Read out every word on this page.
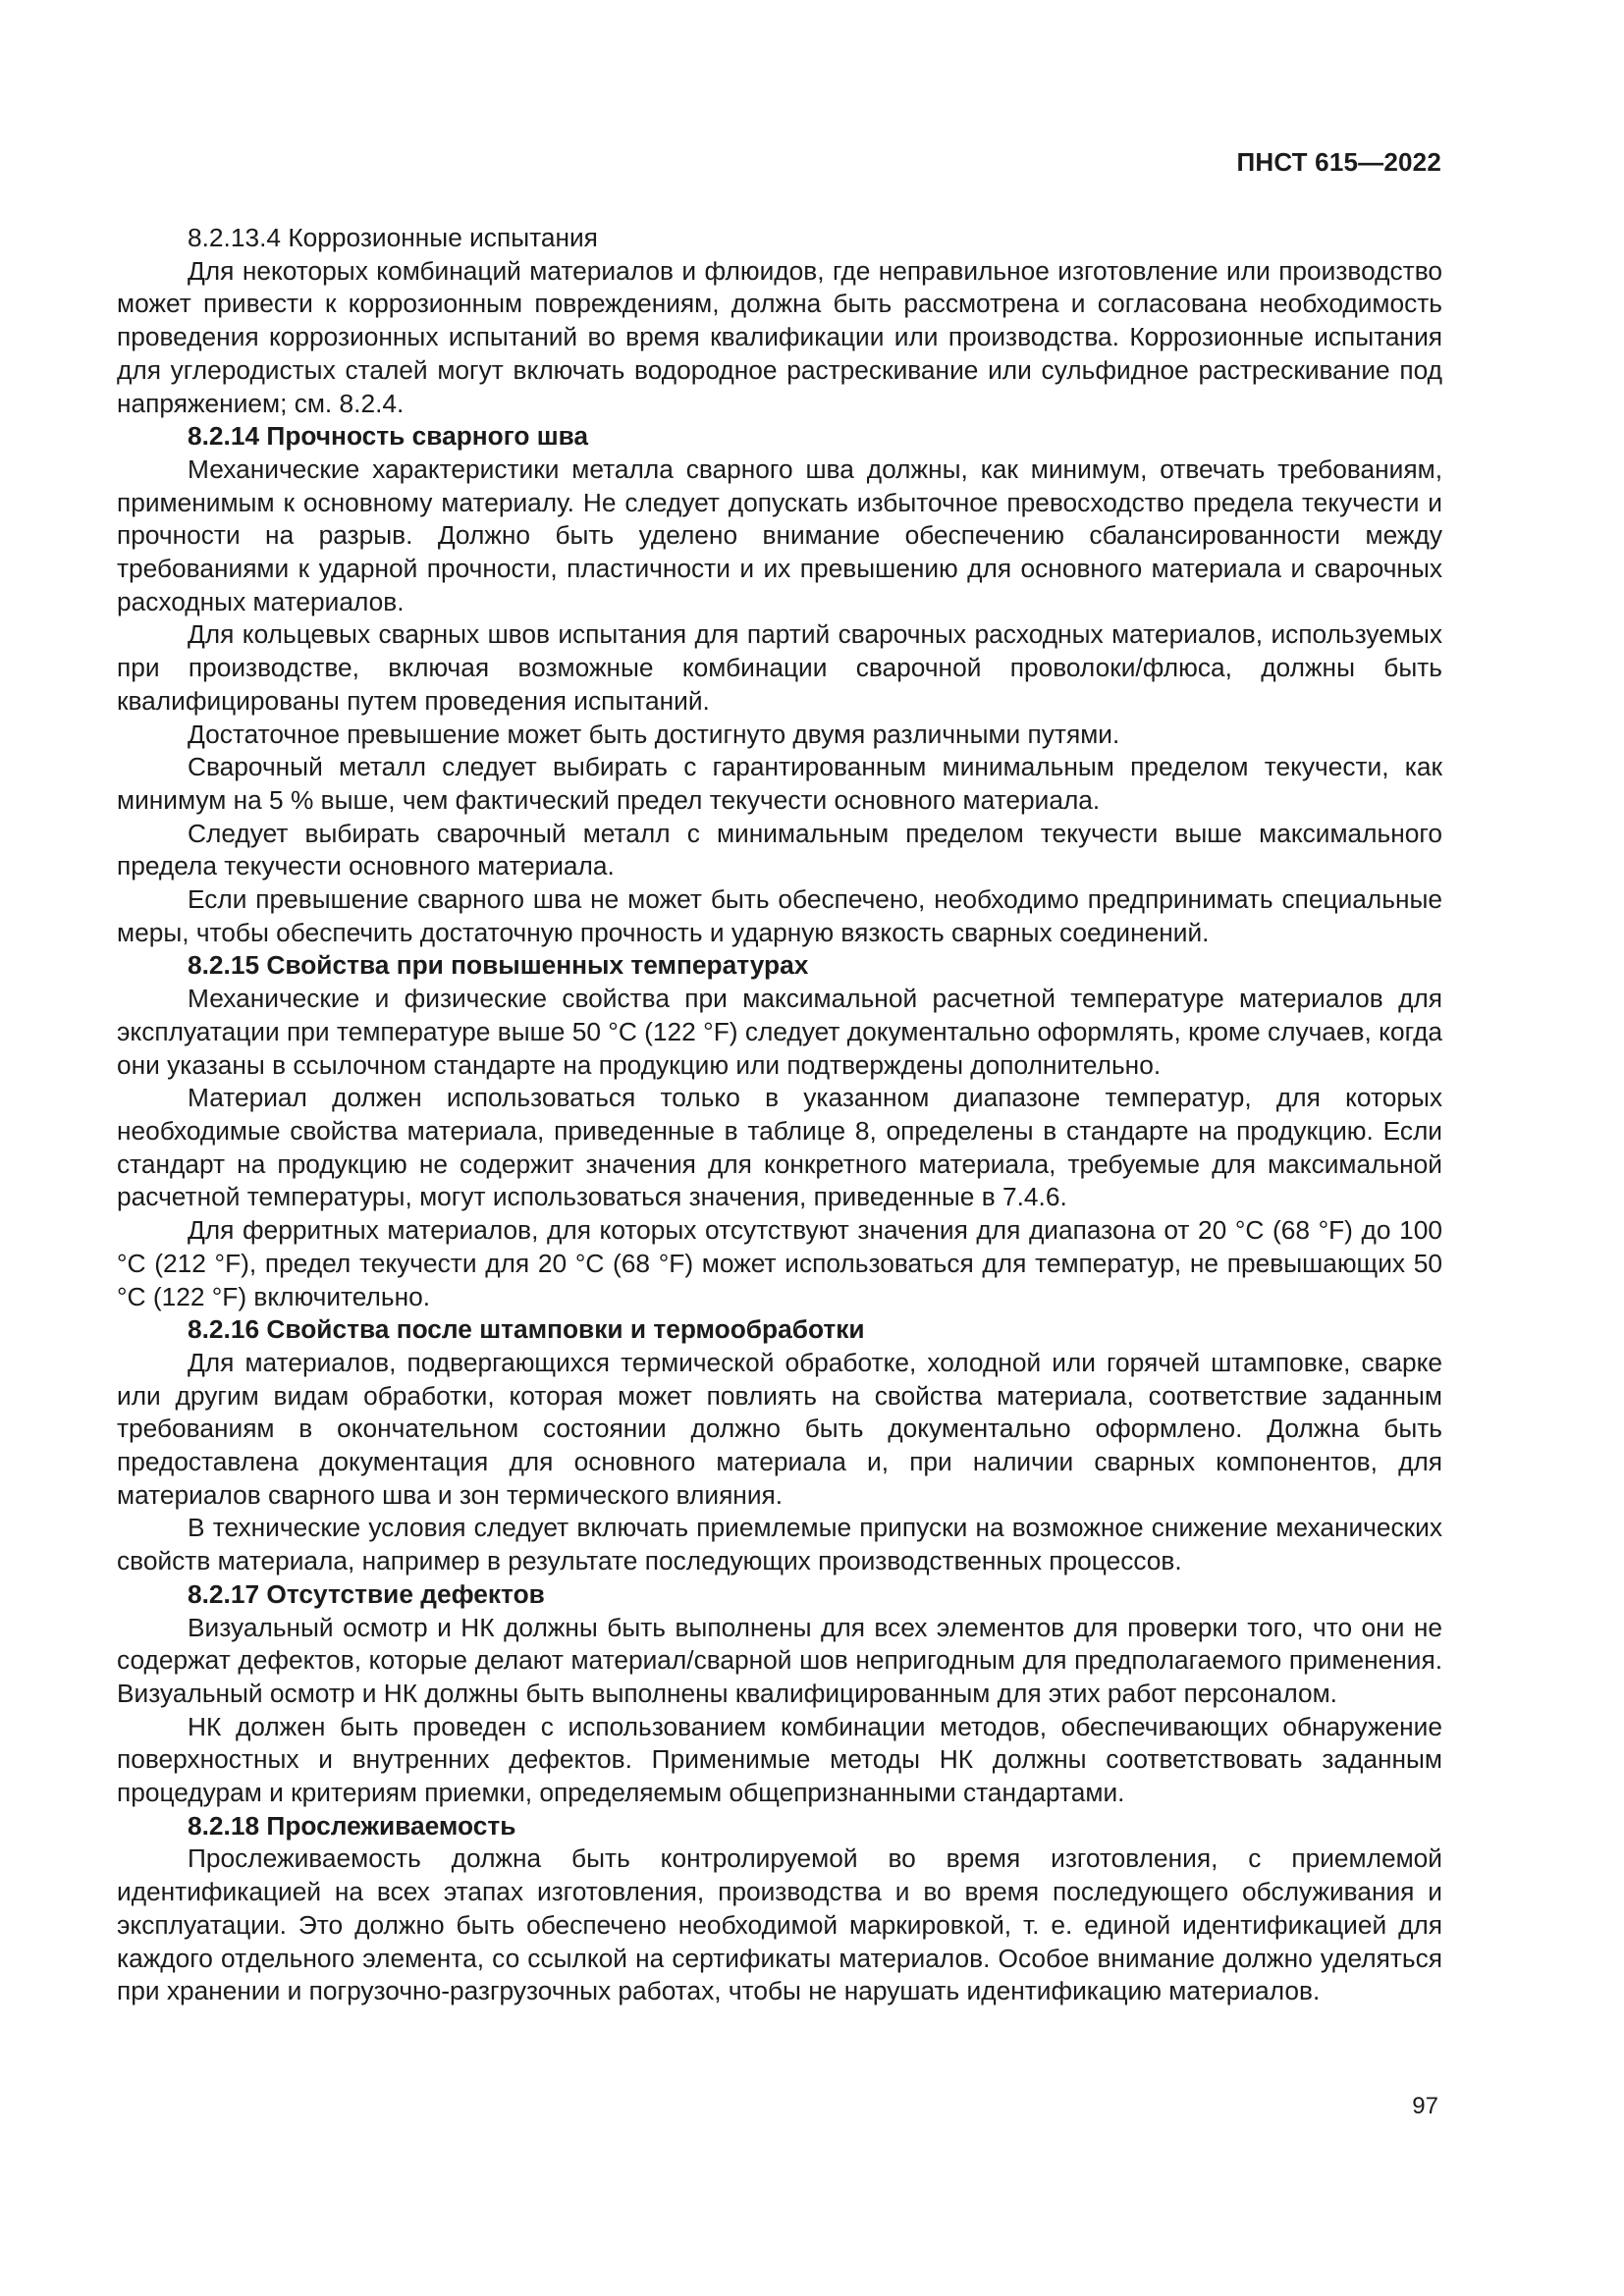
ПНСТ 615—2022

8.2.13.4 Коррозионные испытания

Для некоторых комбинаций материалов и флюидов, где неправильное изготовление или производство может привести к коррозионным повреждениям, должна быть рассмотрена и согласована необходимость проведения коррозионных испытаний во время квалификации или производства. Коррозионные испытания для углеродистых сталей могут включать водородное растрескивание или сульфидное растрескивание под напряжением; см. 8.2.4.

8.2.14 Прочность сварного шва

Механические характеристики металла сварного шва должны, как минимум, отвечать требованиям, применимым к основному материалу. Не следует допускать избыточное превосходство предела текучести и прочности на разрыв. Должно быть уделено внимание обеспечению сбалансированности между требованиями к ударной прочности, пластичности и их превышению для основного материала и сварочных расходных материалов.

Для кольцевых сварных швов испытания для партий сварочных расходных материалов, используемых при производстве, включая возможные комбинации сварочной проволоки/флюса, должны быть квалифицированы путем проведения испытаний.

Достаточное превышение может быть достигнуто двумя различными путями.

Сварочный металл следует выбирать с гарантированным минимальным пределом текучести, как минимум на 5 % выше, чем фактический предел текучести основного материала.

Следует выбирать сварочный металл с минимальным пределом текучести выше максимального предела текучести основного материала.

Если превышение сварного шва не может быть обеспечено, необходимо предпринимать специальные меры, чтобы обеспечить достаточную прочность и ударную вязкость сварных соединений.

8.2.15 Свойства при повышенных температурах

Механические и физические свойства при максимальной расчетной температуре материалов для эксплуатации при температуре выше 50 °C (122 °F) следует документально оформлять, кроме случаев, когда они указаны в ссылочном стандарте на продукцию или подтверждены дополнительно.

Материал должен использоваться только в указанном диапазоне температур, для которых необходимые свойства материала, приведенные в таблице 8, определены в стандарте на продукцию. Если стандарт на продукцию не содержит значения для конкретного материала, требуемые для максимальной расчетной температуры, могут использоваться значения, приведенные в 7.4.6.

Для ферритных материалов, для которых отсутствуют значения для диапазона от 20 °C (68 °F) до 100 °C (212 °F), предел текучести для 20 °C (68 °F) может использоваться для температур, не превышающих 50 °C (122 °F) включительно.

8.2.16 Свойства после штамповки и термообработки

Для материалов, подвергающихся термической обработке, холодной или горячей штамповке, сварке или другим видам обработки, которая может повлиять на свойства материала, соответствие заданным требованиям в окончательном состоянии должно быть документально оформлено. Должна быть предоставлена документация для основного материала и, при наличии сварных компонентов, для материалов сварного шва и зон термического влияния.

В технические условия следует включать приемлемые припуски на возможное снижение механических свойств материала, например в результате последующих производственных процессов.

8.2.17 Отсутствие дефектов

Визуальный осмотр и НК должны быть выполнены для всех элементов для проверки того, что они не содержат дефектов, которые делают материал/сварной шов непригодным для предполагаемого применения. Визуальный осмотр и НК должны быть выполнены квалифицированным для этих работ персоналом.

НК должен быть проведен с использованием комбинации методов, обеспечивающих обнаружение поверхностных и внутренних дефектов. Применимые методы НК должны соответствовать заданным процедурам и критериям приемки, определяемым общепризнанными стандартами.

8.2.18 Прослеживаемость

Прослеживаемость должна быть контролируемой во время изготовления, с приемлемой идентификацией на всех этапах изготовления, производства и во время последующего обслуживания и эксплуатации. Это должно быть обеспечено необходимой маркировкой, т. е. единой идентификацией для каждого отдельного элемента, со ссылкой на сертификаты материалов. Особое внимание должно уделяться при хранении и погрузочно-разгрузочных работах, чтобы не нарушать идентификацию материалов.

97
